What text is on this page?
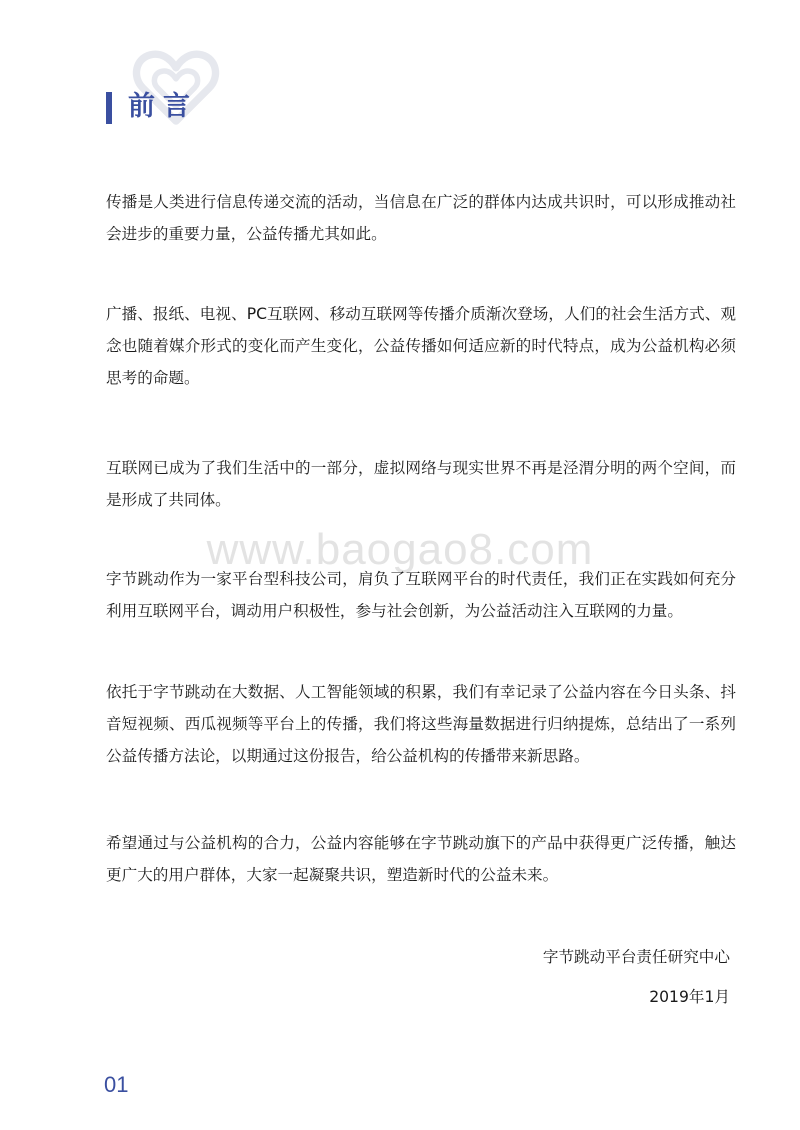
前言
www.baogao8.com

传播是人类进行信息传递交流的活动，当信息在广泛的群体内达成共识时，可以形成推动社会进步的重要力量，公益传播尤其如此。

广播、报纸、电视、PC互联网、移动互联网等传播介质渐次登场，人们的社会生活方式、观念也随着媒介形式的变化而产生变化，公益传播如何适应新的时代特点，成为公益机构必须思考的命题。

互联网已成为了我们生活中的一部分，虚拟网络与现实世界不再是泾渭分明的两个空间，而是形成了共同体。

字节跳动作为一家平台型科技公司，肩负了互联网平台的时代责任，我们正在实践如何充分利用互联网平台，调动用户积极性，参与社会创新，为公益活动注入互联网的力量。

依托于字节跳动在大数据、人工智能领域的积累，我们有幸记录了公益内容在今日头条、抖音短视频、西瓜视频等平台上的传播，我们将这些海量数据进行归纳提炼，总结出了一系列公益传播方法论，以期通过这份报告，给公益机构的传播带来新思路。

希望通过与公益机构的合力，公益内容能够在字节跳动旗下的产品中获得更广泛传播，触达更广大的用户群体，大家一起凝聚共识，塑造新时代的公益未来。

字节跳动平台责任研究中心
2019年1月
01
